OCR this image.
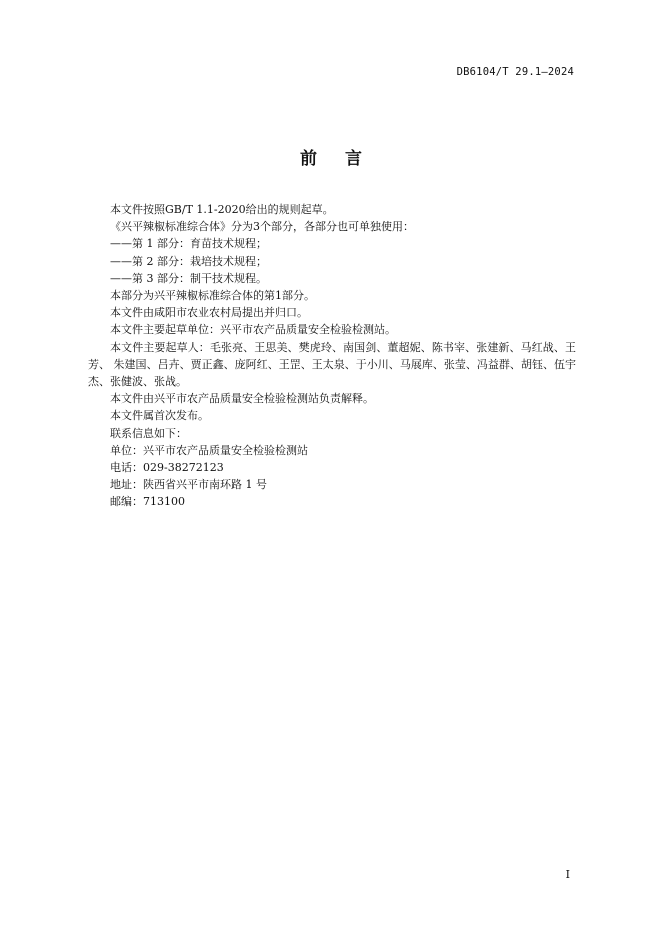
DB6104/T 29.1—2024
前言

本文件按照GB/T 1.1-2020给出的规则起草。

《兴平辣椒标准综合体》分为3个部分，各部分也可单独使用：

——第 1 部分：育苗技术规程；

——第 2 部分：栽培技术规程；

——第 3 部分：制干技术规程。

本部分为兴平辣椒标准综合体的第1部分。

本文件由咸阳市农业农村局提出并归口。

本文件主要起草单位：兴平市农产品质量安全检验检测站。

本文件主要起草人：毛张亮、王思美、樊虎玲、南国剑、董超妮、陈书宰、张建新、马红战、王芳、 朱建国、吕卉、贾正鑫、庞阿红、王罡、王太泉、于小川、马展库、张莹、冯益群、胡钰、伍宇杰、张健波、张战。

本文件由兴平市农产品质量安全检验检测站负责解释。

本文件属首次发布。

联系信息如下：

单位：兴平市农产品质量安全检验检测站

电话：029-38272123

地址：陕西省兴平市南环路 1 号

邮编：713100

I
